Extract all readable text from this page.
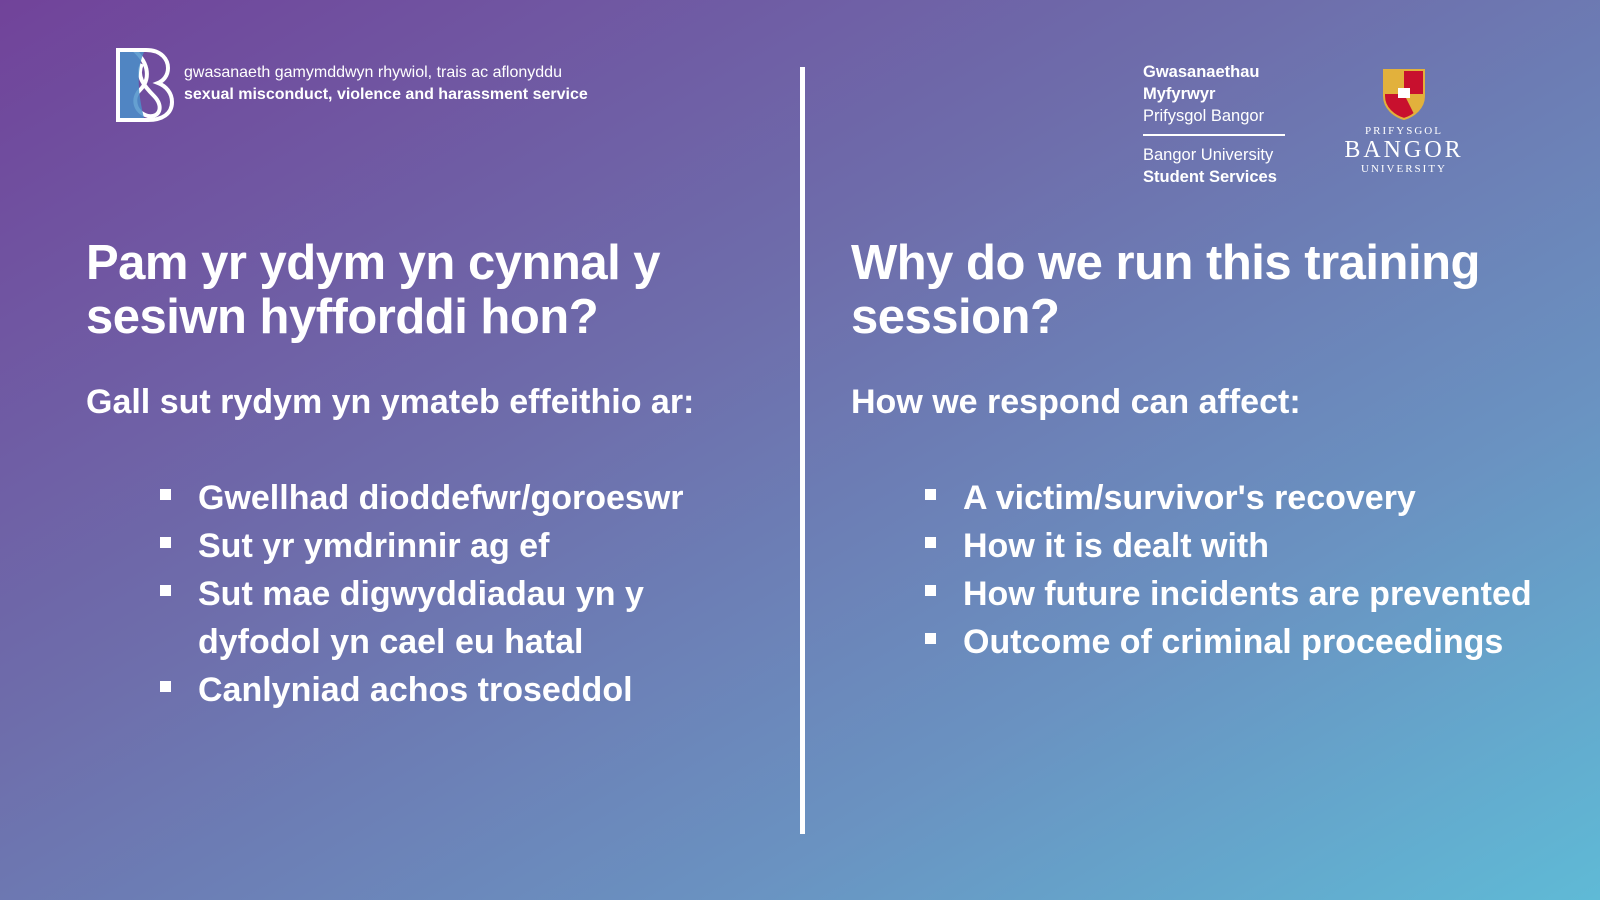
gwasanaeth gamymddwyn rhywiol, trais ac aflonyddu
sexual misconduct, violence and harassment service
Gwasanaethau
Myfyrwyr
Prifysgol Bangor
Bangor University
Student Services
PRIFYSGOL
BANGOR
UNIVERSITY
Pam yr ydym yn cynnal y sesiwn hyfforddi hon?
Gall sut rydym yn ymateb effeithio ar:
Gwellhad dioddefwr/goroeswr
Sut yr ymdrinnir ag ef
Sut mae digwyddiadau yn y dyfodol yn cael eu hatal
Canlyniad achos troseddol
Why do we run this training session?
How we respond can affect:
A victim/survivor's recovery
How it is dealt with
How future incidents are prevented
Outcome of criminal proceedings
